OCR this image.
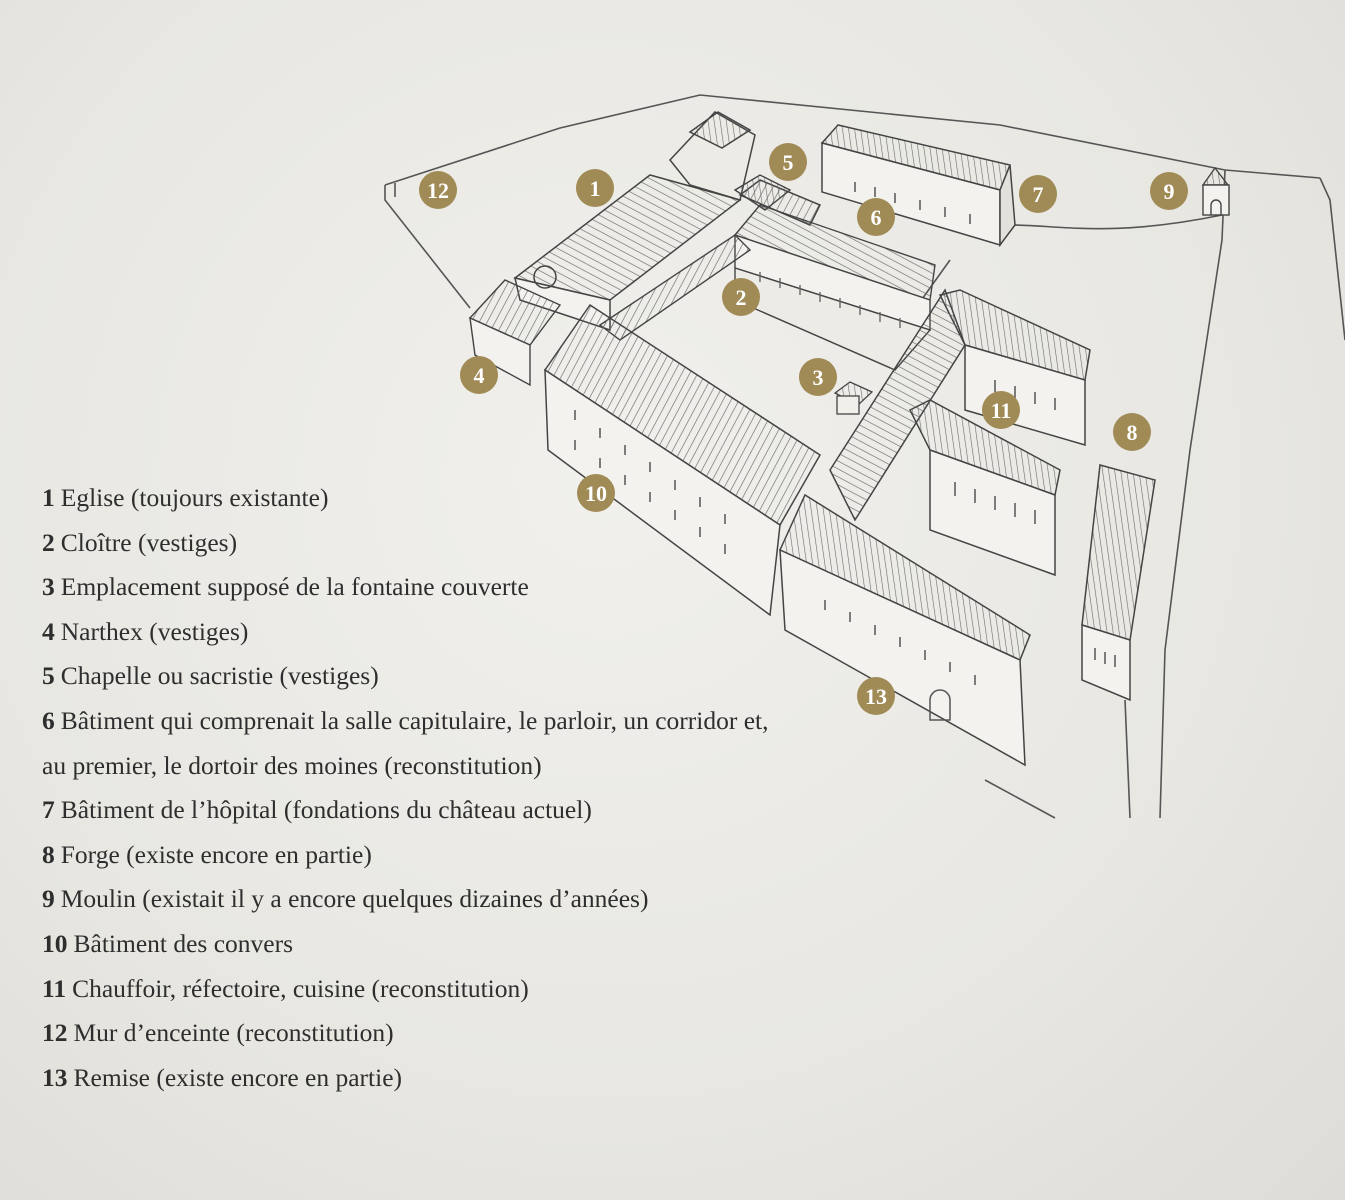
1
2
3
4
5
6
7
8
9
10
11
12
13

1 Eglise (toujours existante)

2 Cloître (vestiges)

3 Emplacement supposé de la fontaine couverte

4 Narthex (vestiges)

5 Chapelle ou sacristie (vestiges)

6 Bâtiment qui comprenait la salle capitulaire, le parloir, un corridor et, au premier, le dortoir des moines (reconstitution)

7 Bâtiment de l’hôpital (fondations du château actuel)

8 Forge (existe encore en partie)

9 Moulin (existait il y a encore quelques dizaines d’années)

10 Bâtiment des convers

11 Chauffoir, réfectoire, cuisine (reconstitution)

12 Mur d’enceinte (reconstitution)

13 Remise (existe encore en partie)
